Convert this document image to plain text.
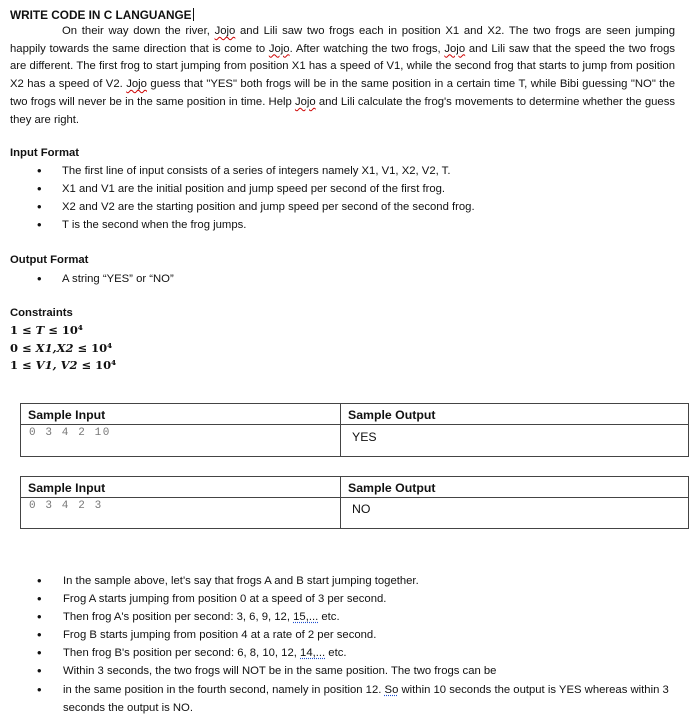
WRITE CODE IN C LANGUANGE
On their way down the river, Jojo and Lili saw two frogs each in position X1 and X2. The two frogs are seen jumping happily towards the same direction that is come to Jojo. After watching the two frogs, Jojo and Lili saw that the speed the two frogs are different. The first frog to start jumping from position X1 has a speed of V1, while the second frog that starts to jump from position X2 has a speed of V2. Jojo guess that "YES" both frogs will be in the same position in a certain time T, while Bibi guessing "NO" the two frogs will never be in the same position in time. Help Jojo and Lili calculate the frog's movements to determine whether the guess they are right.
Input Format
• The first line of input consists of a series of integers namely X1, V1, X2, V2, T.
• X1 and V1 are the initial position and jump speed per second of the first frog.
• X2 and V2 are the starting position and jump speed per second of the second frog.
• T is the second when the frog jumps.
Output Format
• A string “YES” or “NO”
Constraints
1 ≤ T ≤ 10⁴
0 ≤ X1,X2 ≤ 10⁴
1 ≤ V1, V2 ≤ 10⁴
Sample Input
0 3 4 2 10
Sample Output
YES
Sample Input
0 3 4 2 3
Sample Output
NO
• In the sample above, let's say that frogs A and B start jumping together.
• Frog A starts jumping from position 0 at a speed of 3 per second.
• Then frog A's position per second: 3, 6, 9, 12, 15,... etc.
• Frog B starts jumping from position 4 at a rate of 2 per second.
• Then frog B's position per second: 6, 8, 10, 12, 14,... etc.
• Within 3 seconds, the two frogs will NOT be in the same position. The two frogs can be
• in the same position in the fourth second, namely in position 12. So within 10 seconds the output is YES whereas within 3 seconds the output is NO.
